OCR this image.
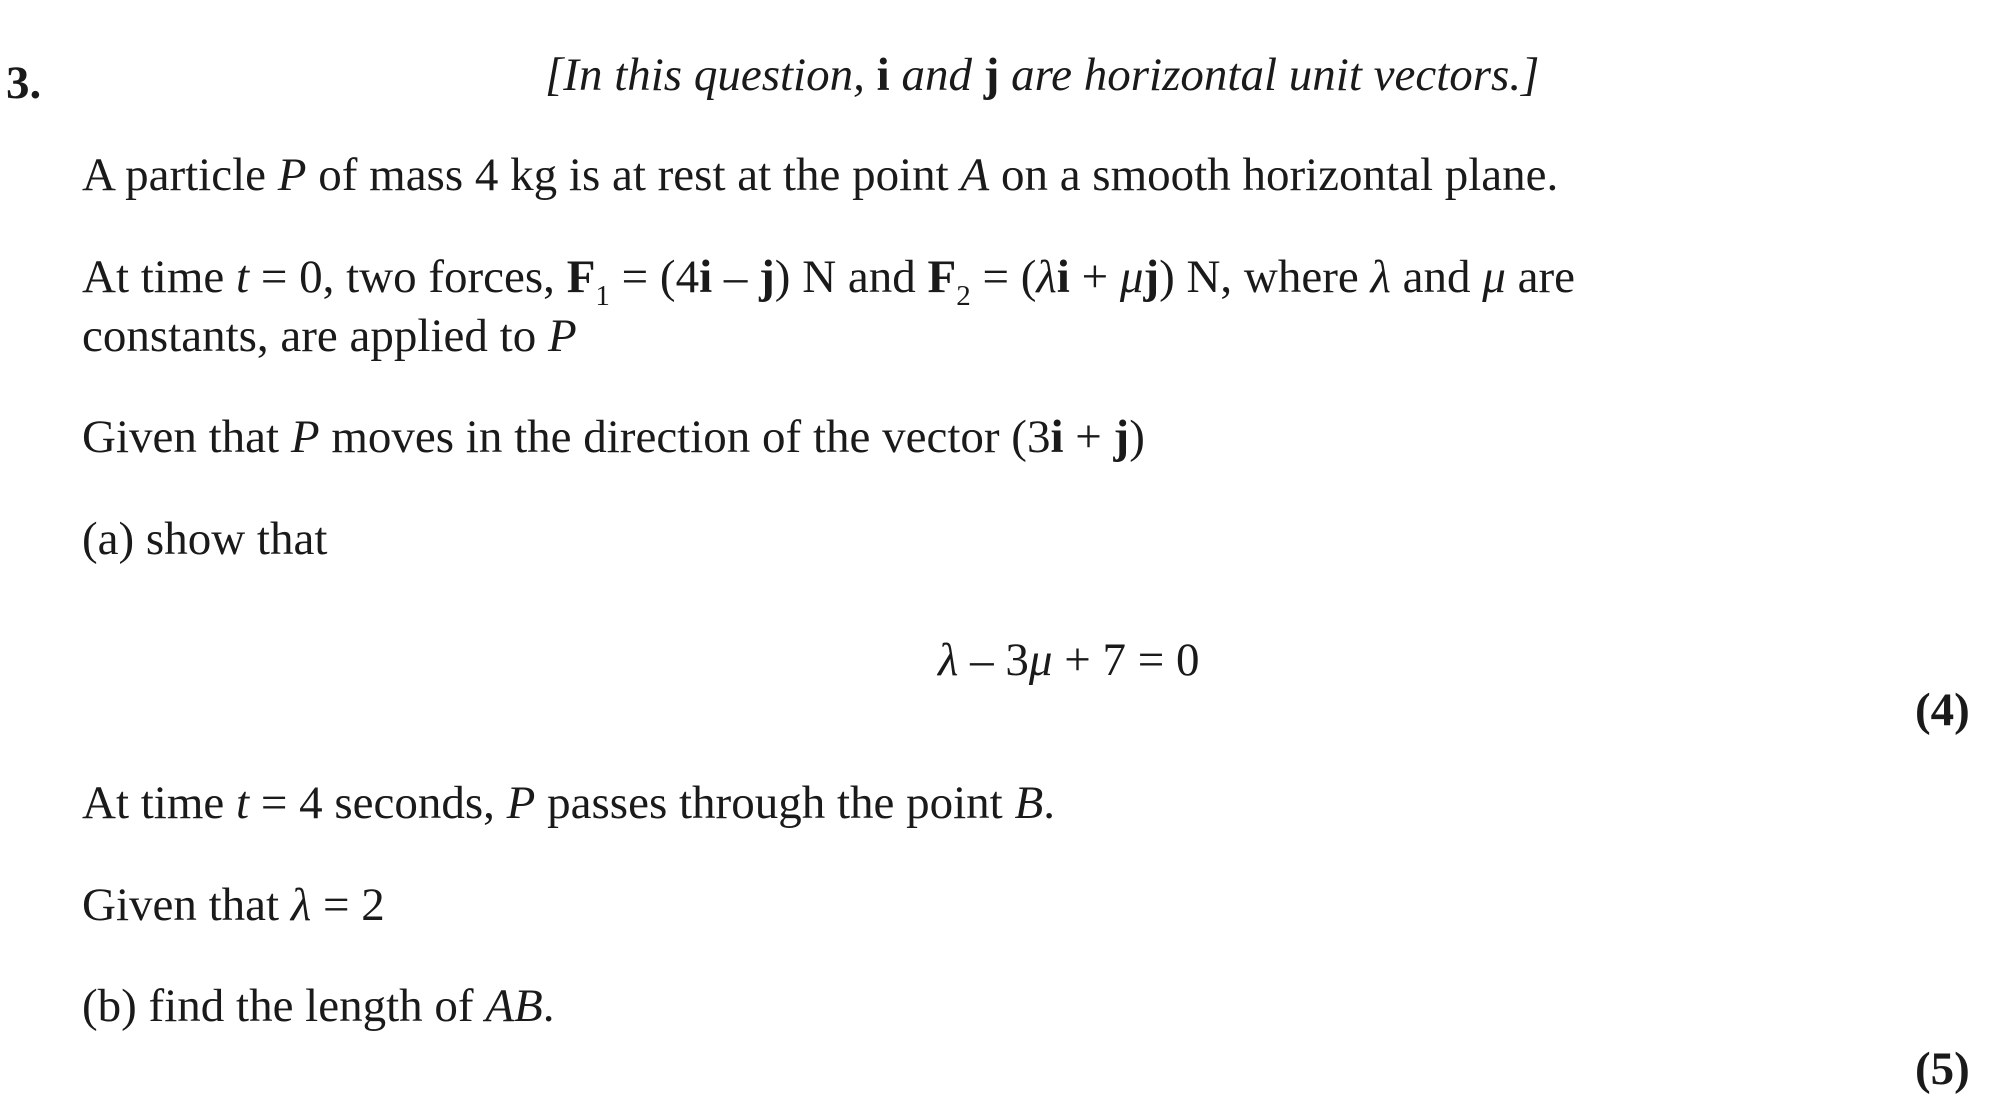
3.	[In this question, i and j are horizontal unit vectors.]
A particle P of mass 4 kg is at rest at the point A on a smooth horizontal plane.
At time t = 0, two forces, $F_1 = (4i - j)$ N and $F_2 = (\lambda i + \mu j)$ N, where λ and μ are
constants, are applied to P
Given that P moves in the direction of the vector (3i + j)
(a) show that
λ – 3μ + 7 = 0
(4)
At time t = 4 seconds, P passes through the point B.
Given that λ = 2
(b) find the length of AB.
(5)
